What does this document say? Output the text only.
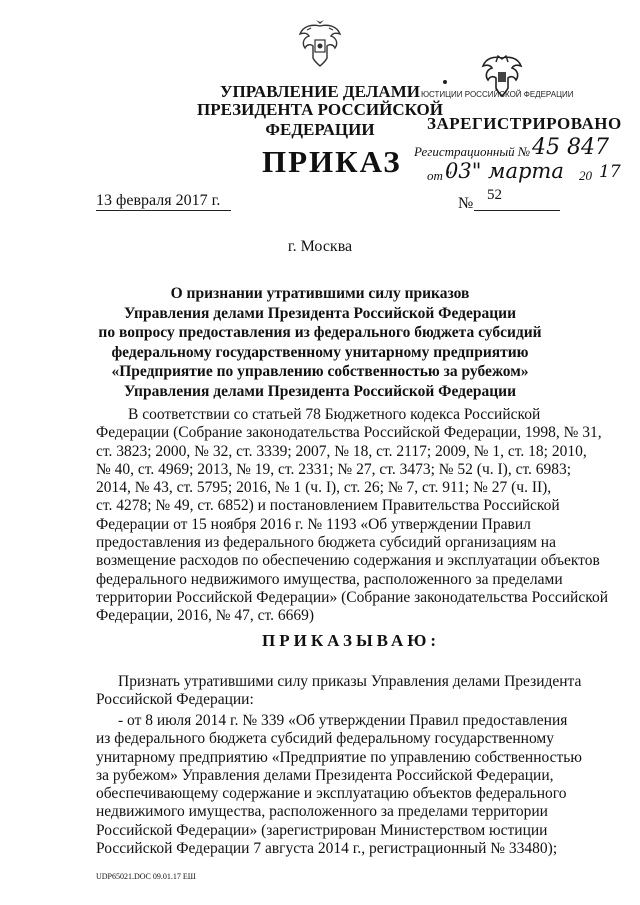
УПРАВЛЕНИЕ ДЕЛАМИ
ПРЕЗИДЕНТА РОССИЙСКОЙ ФЕДЕРАЦИИ
ПРИКАЗ
13 февраля 2017 г.	№ 52
г. Москва
О признании утратившими силу приказов
Управления делами Президента Российской Федерации
по вопросу предоставления из федерального бюджета субсидий
федеральному государственному унитарному предприятию
«Предприятие по управлению собственностью за рубежом»
Управления делами Президента Российской Федерации
В соответствии со статьей 78 Бюджетного кодекса Российской
Федерации (Собрание законодательства Российской Федерации, 1998, № 31,
ст. 3823; 2000, № 32, ст. 3339; 2007, № 18, ст. 2117; 2009, № 1, ст. 18; 2010,
№ 40, ст. 4969; 2013, № 19, ст. 2331; № 27, ст. 3473; № 52 (ч. I), ст. 6983;
2014, № 43, ст. 5795; 2016, № 1 (ч. I), ст. 26; № 7, ст. 911; № 27 (ч. II),
ст. 4278; № 49, ст. 6852) и постановлением Правительства Российской
Федерации от 15 ноября 2016 г. № 1193 «Об утверждении Правил
предоставления из федерального бюджета субсидий организациям на
возмещение расходов по обеспечению содержания и эксплуатации объектов
федерального недвижимого имущества, расположенного за пределами
территории Российской Федерации» (Собрание законодательства Российской
Федерации, 2016, № 47, ст. 6669)
ПРИКАЗЫВАЮ:
Признать утратившими силу приказы Управления делами Президента
Российской Федерации:
- от 8 июля 2014 г. № 339 «Об утверждении Правил предоставления
из федерального бюджета субсидий федеральному государственному
унитарному предприятию «Предприятие по управлению собственностью
за рубежом» Управления делами Президента Российской Федерации,
обеспечивающему содержание и эксплуатацию объектов федерального
недвижимого имущества, расположенного за пределами территории
Российской Федерации» (зарегистрирован Министерством юстиции
Российской Федерации 7 августа 2014 г., регистрационный № 33480);
UDP65021.DOC 09.01.17 EШ
ЮСТИЦИИ РОССИЙСКОЙ ФЕДЕРАЦИИ
ЗАРЕГИСТРИРОВАНО
Регистрационный № 45 847
от "
03" марта 20 17
